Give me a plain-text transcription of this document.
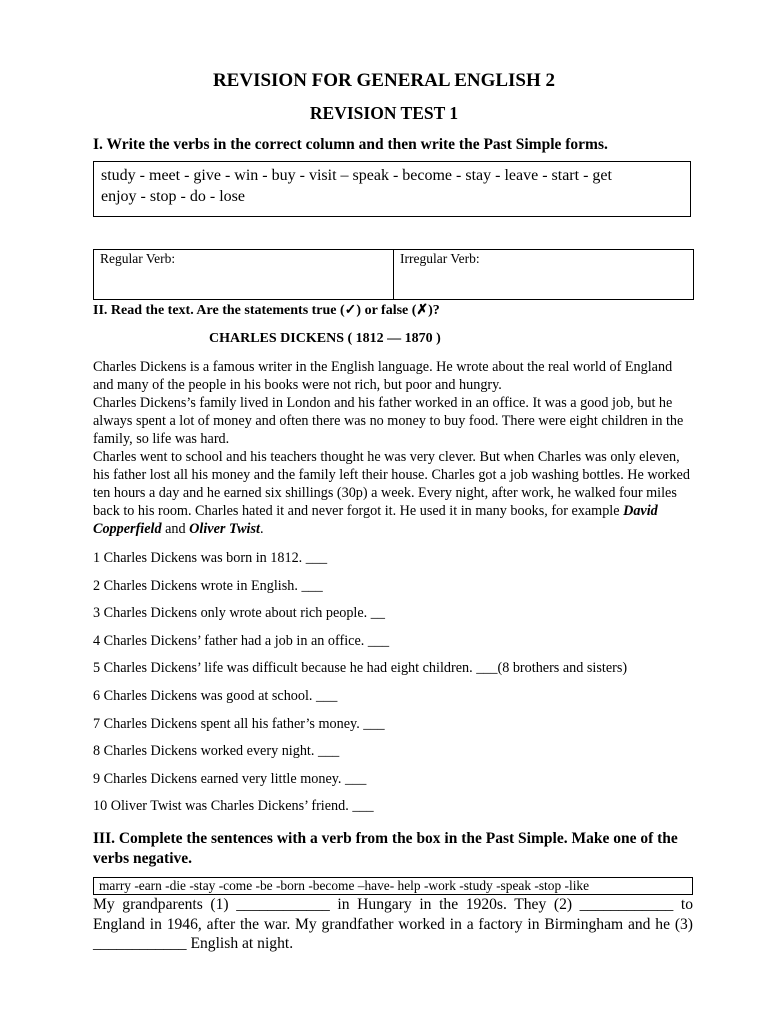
REVISION FOR GENERAL ENGLISH 2
REVISION TEST 1
I. Write the verbs in the correct column and then write the Past Simple forms.
study - meet - give - win - buy - visit – speak - become - stay - leave - start - get
enjoy - stop - do - lose
Regular Verb:	Irregular Verb:
II. Read the text. Are the statements true (✓) or false (✗)?
CHARLES DICKENS ( 1812 — 1870 )

Charles Dickens is a famous writer in the English language. He wrote about the real world of England and many of the people in his books were not rich, but poor and hungry.

Charles Dickens’s family lived in London and his father worked in an office. It was a good job, but he always spent a lot of money and often there was no money to buy food. There were eight children in the family, so life was hard.

Charles went to school and his teachers thought he was very clever. But when Charles was only eleven, his father lost all his money and the family left their house. Charles got a job washing bottles. He worked ten hours a day and he earned six shillings (30p) a week. Every night, after work, he walked four miles back to his room. Charles hated it and never forgot it. He used it in many books, for example David Copperfield and Oliver Twist.

1 Charles Dickens was born in 1812. ___
2 Charles Dickens wrote in English. ___
3 Charles Dickens only wrote about rich people. __
4 Charles Dickens’ father had a job in an office. ___
5 Charles Dickens’ life was difficult because he had eight children. ___(8 brothers and sisters)
6 Charles Dickens was good at school. ___
7 Charles Dickens spent all his father’s money. ___
8 Charles Dickens worked every night. ___
9 Charles Dickens earned very little money. ___
10 Oliver Twist was Charles Dickens’ friend. ___
III. Complete the sentences with a verb from the box in the Past Simple. Make one of the verbs negative.
marry -earn -die -stay -come -be -born -become –have- help -work -study -speak -stop -like
My grandparents (1) ____________ in Hungary in the 1920s. They (2) ____________ to England in 1946, after the war. My grandfather worked in a factory in Birmingham and he (3) ____________ English at night.
